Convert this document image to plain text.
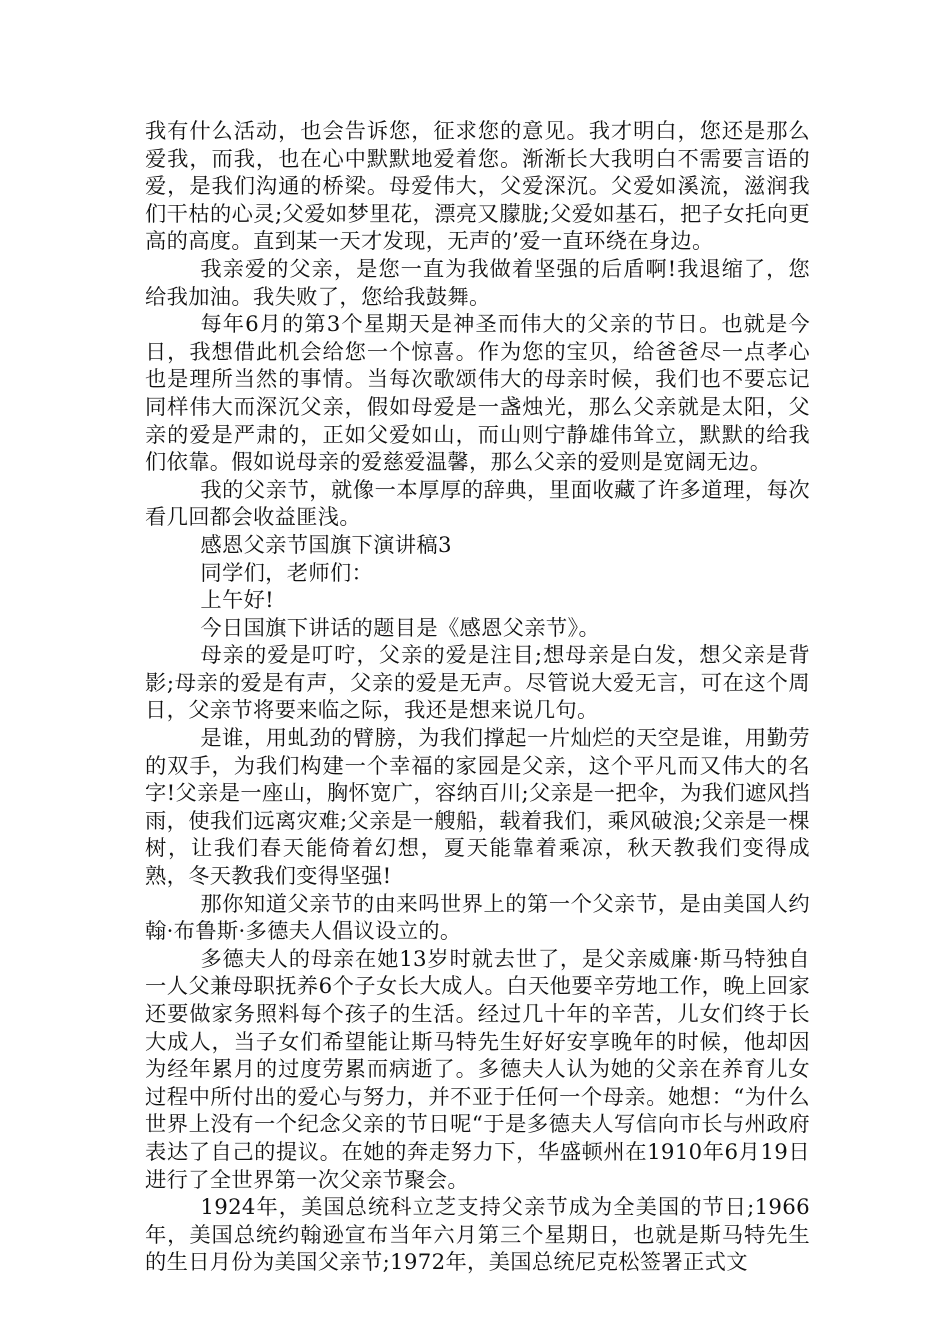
我有什么活动，也会告诉您，征求您的意见。我才明白，您还是那么爱我，而我，也在心中默默地爱着您。渐渐长大我明白不需要言语的爱，是我们沟通的桥梁。母爱伟大，父爱深沉。父爱如溪流，滋润我们干枯的心灵;父爱如梦里花，漂亮又朦胧;父爱如基石，把子女托向更高的高度。直到某一天才发现，无声的’爱一直环绕在身边。

我亲爱的父亲，是您一直为我做着坚强的后盾啊!我退缩了，您给我加油。我失败了，您给我鼓舞。

每年6月的第3个星期天是神圣而伟大的父亲的节日。也就是今日，我想借此机会给您一个惊喜。作为您的宝贝，给爸爸尽一点孝心也是理所当然的事情。当每次歌颂伟大的母亲时候，我们也不要忘记同样伟大而深沉父亲，假如母爱是一盏烛光，那么父亲就是太阳，父亲的爱是严肃的，正如父爱如山，而山则宁静雄伟耸立，默默的给我们依靠。假如说母亲的爱慈爱温馨，那么父亲的爱则是宽阔无边。

我的父亲节，就像一本厚厚的辞典，里面收藏了许多道理，每次看几回都会收益匪浅。

感恩父亲节国旗下演讲稿3

同学们，老师们：

上午好!

今日国旗下讲话的题目是《感恩父亲节》。

母亲的爱是叮咛，父亲的爱是注目;想母亲是白发，想父亲是背影;母亲的爱是有声，父亲的爱是无声。尽管说大爱无言，可在这个周日，父亲节将要来临之际，我还是想来说几句。

是谁，用虬劲的臂膀，为我们撑起一片灿烂的天空是谁，用勤劳的双手，为我们构建一个幸福的家园是父亲，这个平凡而又伟大的名字!父亲是一座山，胸怀宽广，容纳百川;父亲是一把伞，为我们遮风挡雨，使我们远离灾难;父亲是一艘船，载着我们，乘风破浪;父亲是一棵树，让我们春天能倚着幻想，夏天能靠着乘凉，秋天教我们变得成熟，冬天教我们变得坚强!

那你知道父亲节的由来吗世界上的第一个父亲节，是由美国人约翰·布鲁斯·多德夫人倡议设立的。

多德夫人的母亲在她13岁时就去世了，是父亲威廉·斯马特独自一人父兼母职抚养6个子女长大成人。白天他要辛劳地工作，晚上回家还要做家务照料每个孩子的生活。经过几十年的辛苦，儿女们终于长大成人，当子女们希望能让斯马特先生好好安享晚年的时候，他却因为经年累月的过度劳累而病逝了。多德夫人认为她的父亲在养育儿女过程中所付出的爱心与努力，并不亚于任何一个母亲。她想：“为什么世界上没有一个纪念父亲的节日呢“于是多德夫人写信向市长与州政府表达了自己的提议。在她的奔走努力下，华盛顿州在1910年6月19日进行了全世界第一次父亲节聚会。

1924年，美国总统科立芝支持父亲节成为全美国的节日;1966年，美国总统约翰逊宣布当年六月第三个星期日，也就是斯马特先生的生日月份为美国父亲节;1972年，美国总统尼克松签署正式文
